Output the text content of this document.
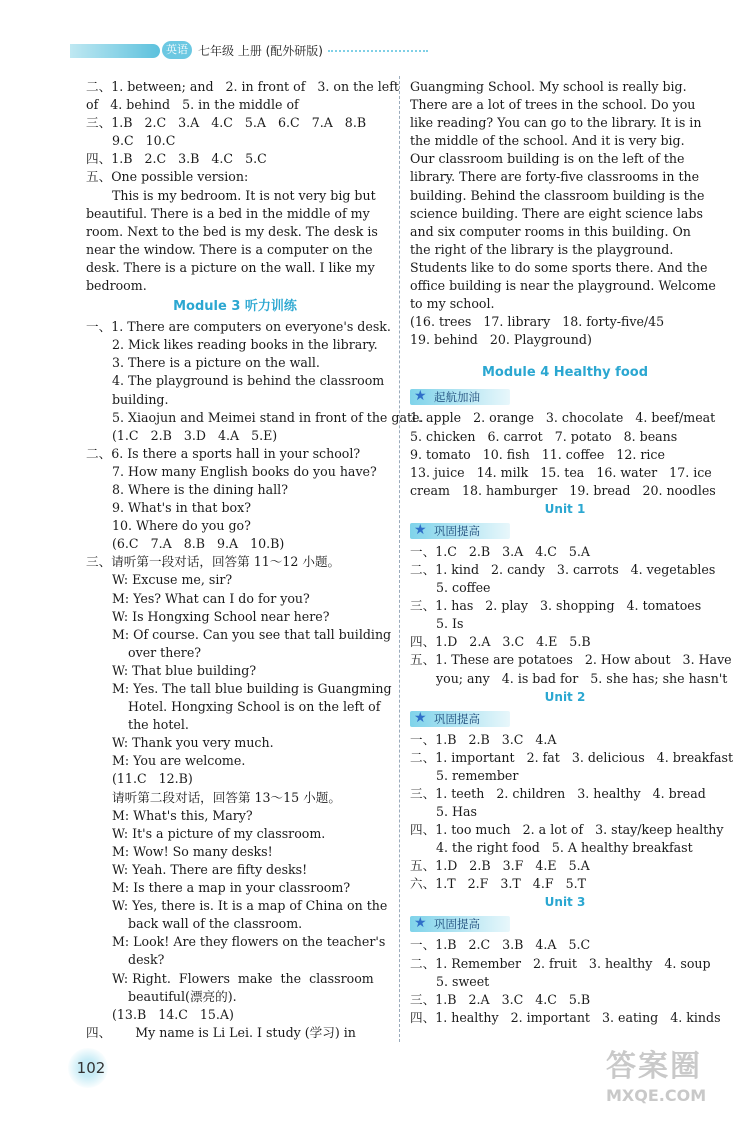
英语 七年级 上册 (配外研版)
二、1. between; and   2. in front of   3. on the left
of   4. behind   5. in the middle of
三、1.B   2.C   3.A   4.C   5.A   6.C   7.A   8.B
9.C   10.C
四、1.B   2.C   3.B   4.C   5.C
五、One possible version:
This is my bedroom. It is not very big but
beautiful. There is a bed in the middle of my
room. Next to the bed is my desk. The desk is
near the window. There is a computer on the
desk. There is a picture on the wall. I like my
bedroom.
Module 3 听力训练
一、1. There are computers on everyone's desk.
2. Mick likes reading books in the library.
3. There is a picture on the wall.
4. The playground is behind the classroom
building.
5. Xiaojun and Meimei stand in front of the gate.
(1.C   2.B   3.D   4.A   5.E)
二、6. Is there a sports hall in your school?
7. How many English books do you have?
8. Where is the dining hall?
9. What's in that box?
10. Where do you go?
(6.C   7.A   8.B   9.A   10.B)
三、请听第一段对话，回答第 11～12 小题。
W: Excuse me, sir?
M: Yes? What can I do for you?
W: Is Hongxing School near here?
M: Of course. Can you see that tall building
over there?
W: That blue building?
M: Yes. The tall blue building is Guangming
Hotel. Hongxing School is on the left of
the hotel.
W: Thank you very much.
M: You are welcome.
(11.C   12.B)
请听第二段对话，回答第 13～15 小题。
M: What's this, Mary?
W: It's a picture of my classroom.
M: Wow! So many desks!
W: Yeah. There are fifty desks!
M: Is there a map in your classroom?
W: Yes, there is. It is a map of China on the
back wall of the classroom.
M: Look! Are they flowers on the teacher's
desk?
W: Right.  Flowers  make  the  classroom
beautiful(漂亮的).
(13.B   14.C   15.A)
四、      My name is Li Lei. I study (学习) in
Guangming School. My school is really big.
There are a lot of trees in the school. Do you
like reading? You can go to the library. It is in
the middle of the school. And it is very big.
Our classroom building is on the left of the
library. There are forty-five classrooms in the
building. Behind the classroom building is the
science building. There are eight science labs
and six computer rooms in this building. On
the right of the library is the playground.
Students like to do some sports there. And the
office building is near the playground. Welcome
to my school.
(16. trees   17. library   18. forty-five/45
19. behind   20. Playground)
Module 4 Healthy food
★ 起航加油
1. apple   2. orange   3. chocolate   4. beef/meat
5. chicken   6. carrot   7. potato   8. beans
9. tomato   10. fish   11. coffee   12. rice
13. juice   14. milk   15. tea   16. water   17. ice
cream   18. hamburger   19. bread   20. noodles
Unit 1
★ 巩固提高
一、1.C   2.B   3.A   4.C   5.A
二、1. kind   2. candy   3. carrots   4. vegetables
5. coffee
三、1. has   2. play   3. shopping   4. tomatoes
5. Is
四、1.D   2.A   3.C   4.E   5.B
五、1. These are potatoes   2. How about   3. Have
you; any   4. is bad for   5. she has; she hasn't
Unit 2
★ 巩固提高
一、1.B   2.B   3.C   4.A
二、1. important   2. fat   3. delicious   4. breakfast
5. remember
三、1. teeth   2. children   3. healthy   4. bread
5. Has
四、1. too much   2. a lot of   3. stay/keep healthy
4. the right food   5. A healthy breakfast
五、1.D   2.B   3.F   4.E   5.A
六、1.T   2.F   3.T   4.F   5.T
Unit 3
★ 巩固提高
一、1.B   2.C   3.B   4.A   5.C
二、1. Remember   2. fruit   3. healthy   4. soup
5. sweet
三、1.B   2.A   3.C   4.C   5.B
四、1. healthy   2. important   3. eating   4. kinds
102	答案圈
MXQE.COM
